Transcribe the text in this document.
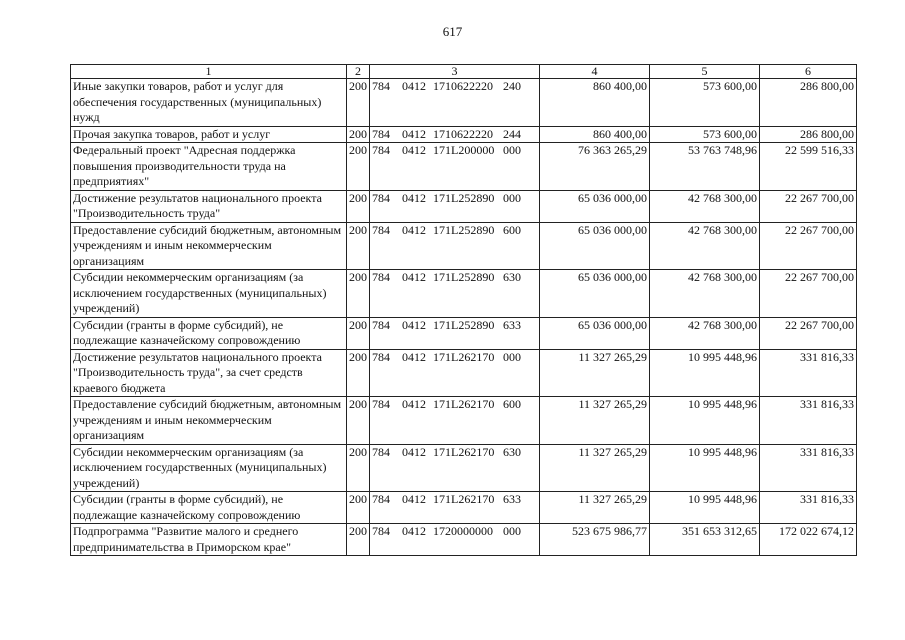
617
1	2	3	4	5	6
Иные закупки товаров, работ и услуг для обеспечения государственных (муниципальных) нужд	200	784 0412 1710622220 240	860 400,00	573 600,00	286 800,00
Прочая закупка товаров, работ и услуг	200	784 0412 1710622220 244	860 400,00	573 600,00	286 800,00
Федеральный проект "Адресная поддержка повышения производительности труда на предприятиях"	200	784 0412 171L200000 000	76 363 265,29	53 763 748,96	22 599 516,33
Достижение результатов национального проекта "Производительность труда"	200	784 0412 171L252890 000	65 036 000,00	42 768 300,00	22 267 700,00
Предоставление субсидий бюджетным, автономным учреждениям и иным некоммерческим организациям	200	784 0412 171L252890 600	65 036 000,00	42 768 300,00	22 267 700,00
Субсидии некоммерческим организациям (за исключением государственных (муниципальных) учреждений)	200	784 0412 171L252890 630	65 036 000,00	42 768 300,00	22 267 700,00
Субсидии (гранты в форме субсидий), не подлежащие казначейскому сопровождению	200	784 0412 171L252890 633	65 036 000,00	42 768 300,00	22 267 700,00
Достижение результатов национального проекта "Производительность труда", за счет средств краевого бюджета	200	784 0412 171L262170 000	11 327 265,29	10 995 448,96	331 816,33
Предоставление субсидий бюджетным, автономным учреждениям и иным некоммерческим организациям	200	784 0412 171L262170 600	11 327 265,29	10 995 448,96	331 816,33
Субсидии некоммерческим организациям (за исключением государственных (муниципальных) учреждений)	200	784 0412 171L262170 630	11 327 265,29	10 995 448,96	331 816,33
Субсидии (гранты в форме субсидий), не подлежащие казначейскому сопровождению	200	784 0412 171L262170 633	11 327 265,29	10 995 448,96	331 816,33
Подпрограмма "Развитие малого и среднего предпринимательства в Приморском крае"	200	784 0412 1720000000 000	523 675 986,77	351 653 312,65	172 022 674,12
